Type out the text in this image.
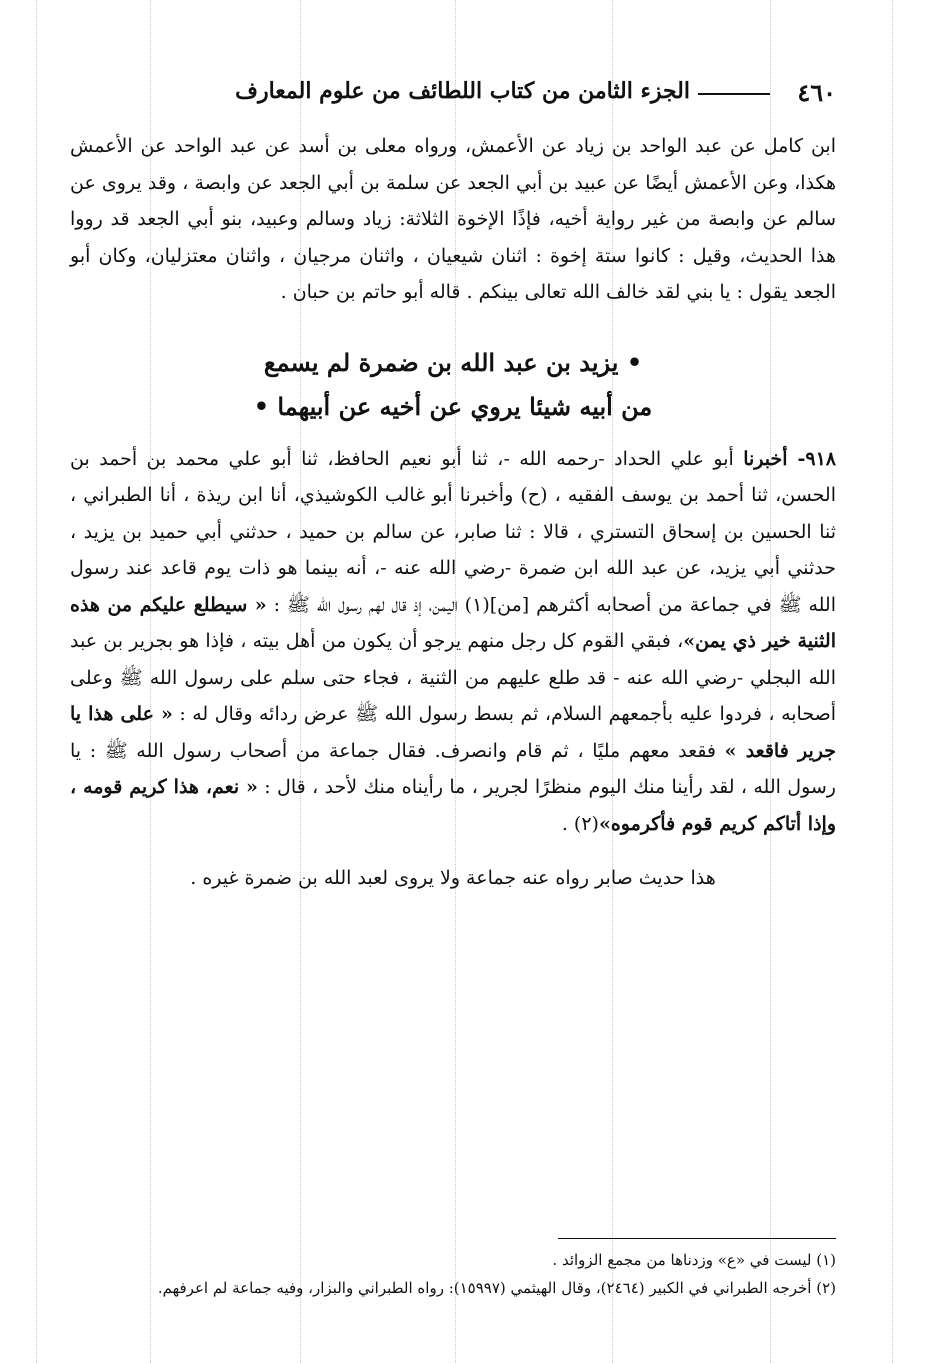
٤٦٠
الجزء الثامن من كتاب اللطائف من علوم المعارف

ابن كامل عن عبد الواحد بن زياد عن الأعمش، ورواه معلى بن أسد عن عبد الواحد عن الأعمش هكذا، وعن الأعمش أيضًا عن عبيد بن أبي الجعد عن سلمة بن أبي الجعد عن وابصة ، وقد يروى عن سالم عن وابصة من غير رواية أخيه، فإذًا الإخوة الثلاثة: زياد وسالم وعبيد، بنو أبي الجعد قد رووا هذا الحديث، وقيل : كانوا ستة إخوة : اثنان شيعيان ، واثنان مرجيان ، واثنان معتزليان، وكان أبو الجعد يقول : يا بني لقد خالف الله تعالى بينكم . قاله أبو حاتم بن حبان .

• يزيد بن عبد الله بن ضمرة لم يسمع
من أبيه شيئا يروي عن أخيه عن أبيهما •

٩١٨- أخبرنا أبو علي الحداد -رحمه الله -، ثنا أبو نعيم الحافظ، ثنا أبو علي محمد بن أحمد بن الحسن، ثنا أحمد بن يوسف الفقيه ، (ح) وأخبرنا أبو غالب الكوشيذي، أنا ابن ريذة ، أنا الطبراني ، ثنا الحسين بن إسحاق التستري ، قالا : ثنا صابر، عن سالم بن حميد ، حدثني أبي حميد بن يزيد ، حدثني أبي يزيد، عن عبد الله ابن ضمرة -رضي الله عنه -، أنه بينما هو ذات يوم قاعد عند رسول الله ﷺ في جماعة من أصحابه أكثرهم [من](١) اليمن، إذ قال لهم رسول الله ﷺ : « سيطلع عليكم من هذه الثنية خير ذي يمن»، فبقي القوم كل رجل منهم يرجو أن يكون من أهل بيته ، فإذا هو بجرير بن عبد الله البجلي -رضي الله عنه - قد طلع عليهم من الثنية ، فجاء حتى سلم على رسول الله ﷺ وعلى أصحابه ، فردوا عليه بأجمعهم السلام، ثم بسط رسول الله ﷺ عرض ردائه وقال له : « على هذا يا جرير فاقعد » فقعد معهم مليًا ، ثم قام وانصرف. فقال جماعة من أصحاب رسول الله ﷺ : يا رسول الله ، لقد رأينا منك اليوم منظرًا لجرير ، ما رأيناه منك لأحد ، قال : « نعم، هذا كريم قومه ، وإذا أتاكم كريم قوم فأكرموه»(٢) .

هذا حديث صابر رواه عنه جماعة ولا يروى لعبد الله بن ضمرة غيره .

(١) ليست في «ع» وزدناها من مجمع الزوائد .

(٢) أخرجه الطبراني في الكبير (٢٤٦٤)، وقال الهيثمي (١٥٩٩٧): رواه الطبراني والبزار، وفيه جماعة لم اعرفهم.
